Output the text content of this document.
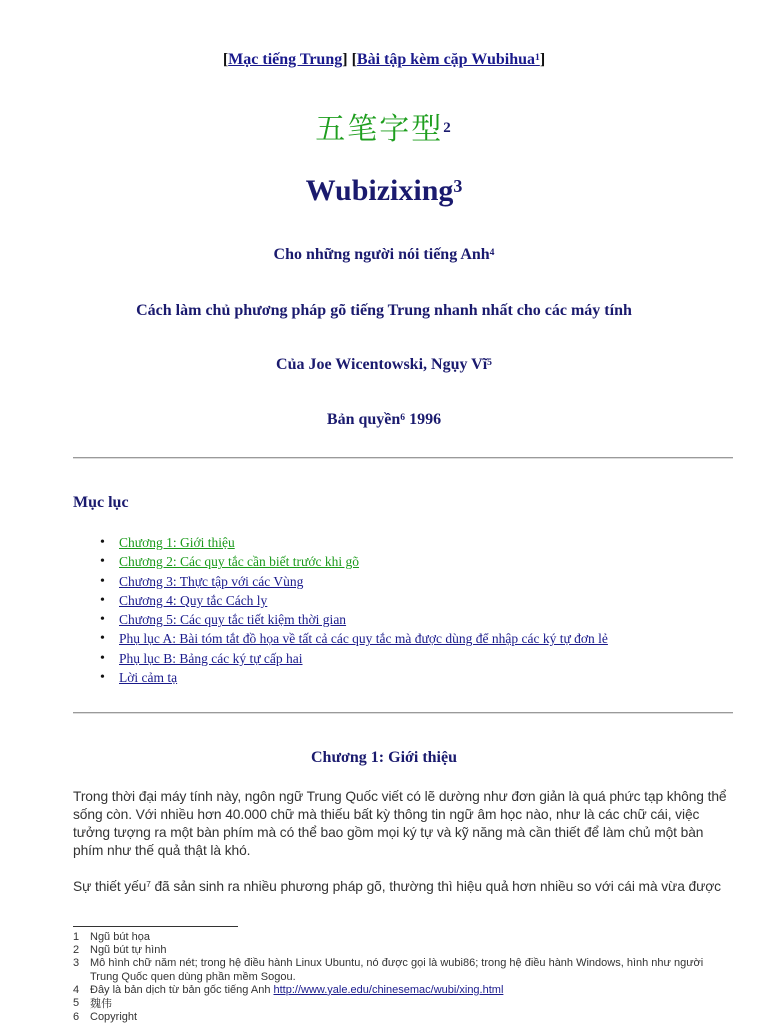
[Mạc tiếng Trung] [Bài tập kèm cặp Wubihua$^1$]
五笔字型$^2$
Wubizixing$^3$
Cho những người nói tiếng Anh$^4$
Cách làm chủ phương pháp gõ tiếng Trung nhanh nhất cho các máy tính
Của Joe Wicentowski, Ngụy $Vĩ^5$
Bản quyền$^6$ 1996
Mục lục
• Chương 1: Giới thiệu
• Chương 2: Các quy tắc cần biết trước khi gõ
• Chương 3: Thực tập với các Vùng
• Chương 4: Quy tắc Cách ly
• Chương 5: Các quy tắc tiết kiệm thời gian
• Phụ lục A: Bài tóm tắt đồ họa về tất cả các quy tắc mà được dùng để nhập các ký tự đơn lẻ
• Phụ lục B: Bảng các ký tự cấp hai
• Lời cảm tạ
Chương 1: Giới thiệu
Trong thời đại máy tính này, ngôn ngữ Trung Quốc viết có lẽ dường như đơn giản là quá phức tạp không thể sống còn. Với nhiều hơn 40.000 chữ mà thiếu bất kỳ thông tin ngữ âm học nào, như là các chữ cái, việc tưởng tượng ra một bàn phím mà có thể bao gồm mọi ký tự và kỹ năng mà cần thiết để làm chủ một bàn phím như thế quả thật là khó.
Sự thiết yếu$^7$ đã sản sinh ra nhiều phương pháp gõ, thường thì hiệu quả hơn nhiều so với cái mà vừa được
1 Ngũ bút họa
2 Ngũ bút tự hình
3 Mô hình chữ năm nét; trong hệ điều hành Linux Ubuntu, nó được gọi là wubi86; trong hệ điều hành Windows, hình như người Trung Quốc quen dùng phần mềm Sogou.
4 Đây là bản dịch từ bản gốc tiếng Anh http://www.yale.edu/chinesemac/wubi/xing.html
5 魏伟
6 Copyright
